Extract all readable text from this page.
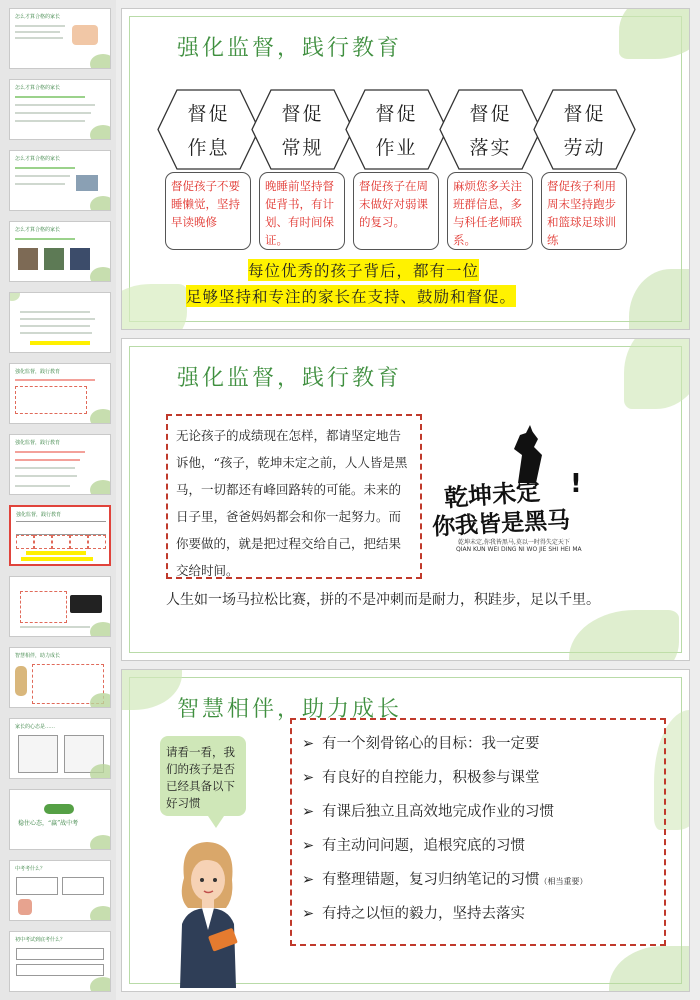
怎么才算合格的家长
怎么才算合格的家长
怎么才算合格的家长
怎么才算合格的家长
強化监督，践行教育
強化监督，践行教育
強化监督，践行教育
智慧相伴，助力成长
家长的心态是……
稳住心态，“赢”战中考
中考考什么？
初中考试到底考什么？
强化监督，践行教育
督促
作息
督促
常规
督促
作业
督促
落实
督促
劳动
督促孩子不要睡懒觉，坚持早读晚修
晚睡前坚持督促背书，有计划、有时间保证。
督促孩子在周末做好对弱课的复习。
麻烦您多关注班群信息，多与科任老师联系。
督促孩子利用周末坚持跑步和篮球足球训练
每位优秀的孩子背后，都有一位
足够坚持和专注的家长在支持、鼓励和督促。
强化监督，践行教育
无论孩子的成绩现在怎样，都请坚定地告诉他，“孩子，乾坤未定之前，人人皆是黑马，一切都还有峰回路转的可能。未来的日子里，爸爸妈妈都会和你一起努力。而你要做的，就是把过程交给自己，把结果交给时间。
乾坤未定 !
你我皆是黑马
乾坤未定,你我皆黑马,莫以一时得失定天下
QIAN KUN WEI DING NI WO JIE SHI HEI MA
人生如一场马拉松比赛，拼的不是冲刺而是耐力，积跬步，足以千里。
智慧相伴，助力成长
请看一看，我们的孩子是否已经具备以下好习惯
➢ 有一个刻骨铭心的目标：我一定要
➢ 有良好的自控能力，积极参与课堂
➢ 有课后独立且高效地完成作业的习惯
➢ 有主动问问题，追根究底的习惯
➢ 有整理错题，复习归纳笔记的习惯（相当重要）
➢ 有持之以恒的毅力，坚持去落实
